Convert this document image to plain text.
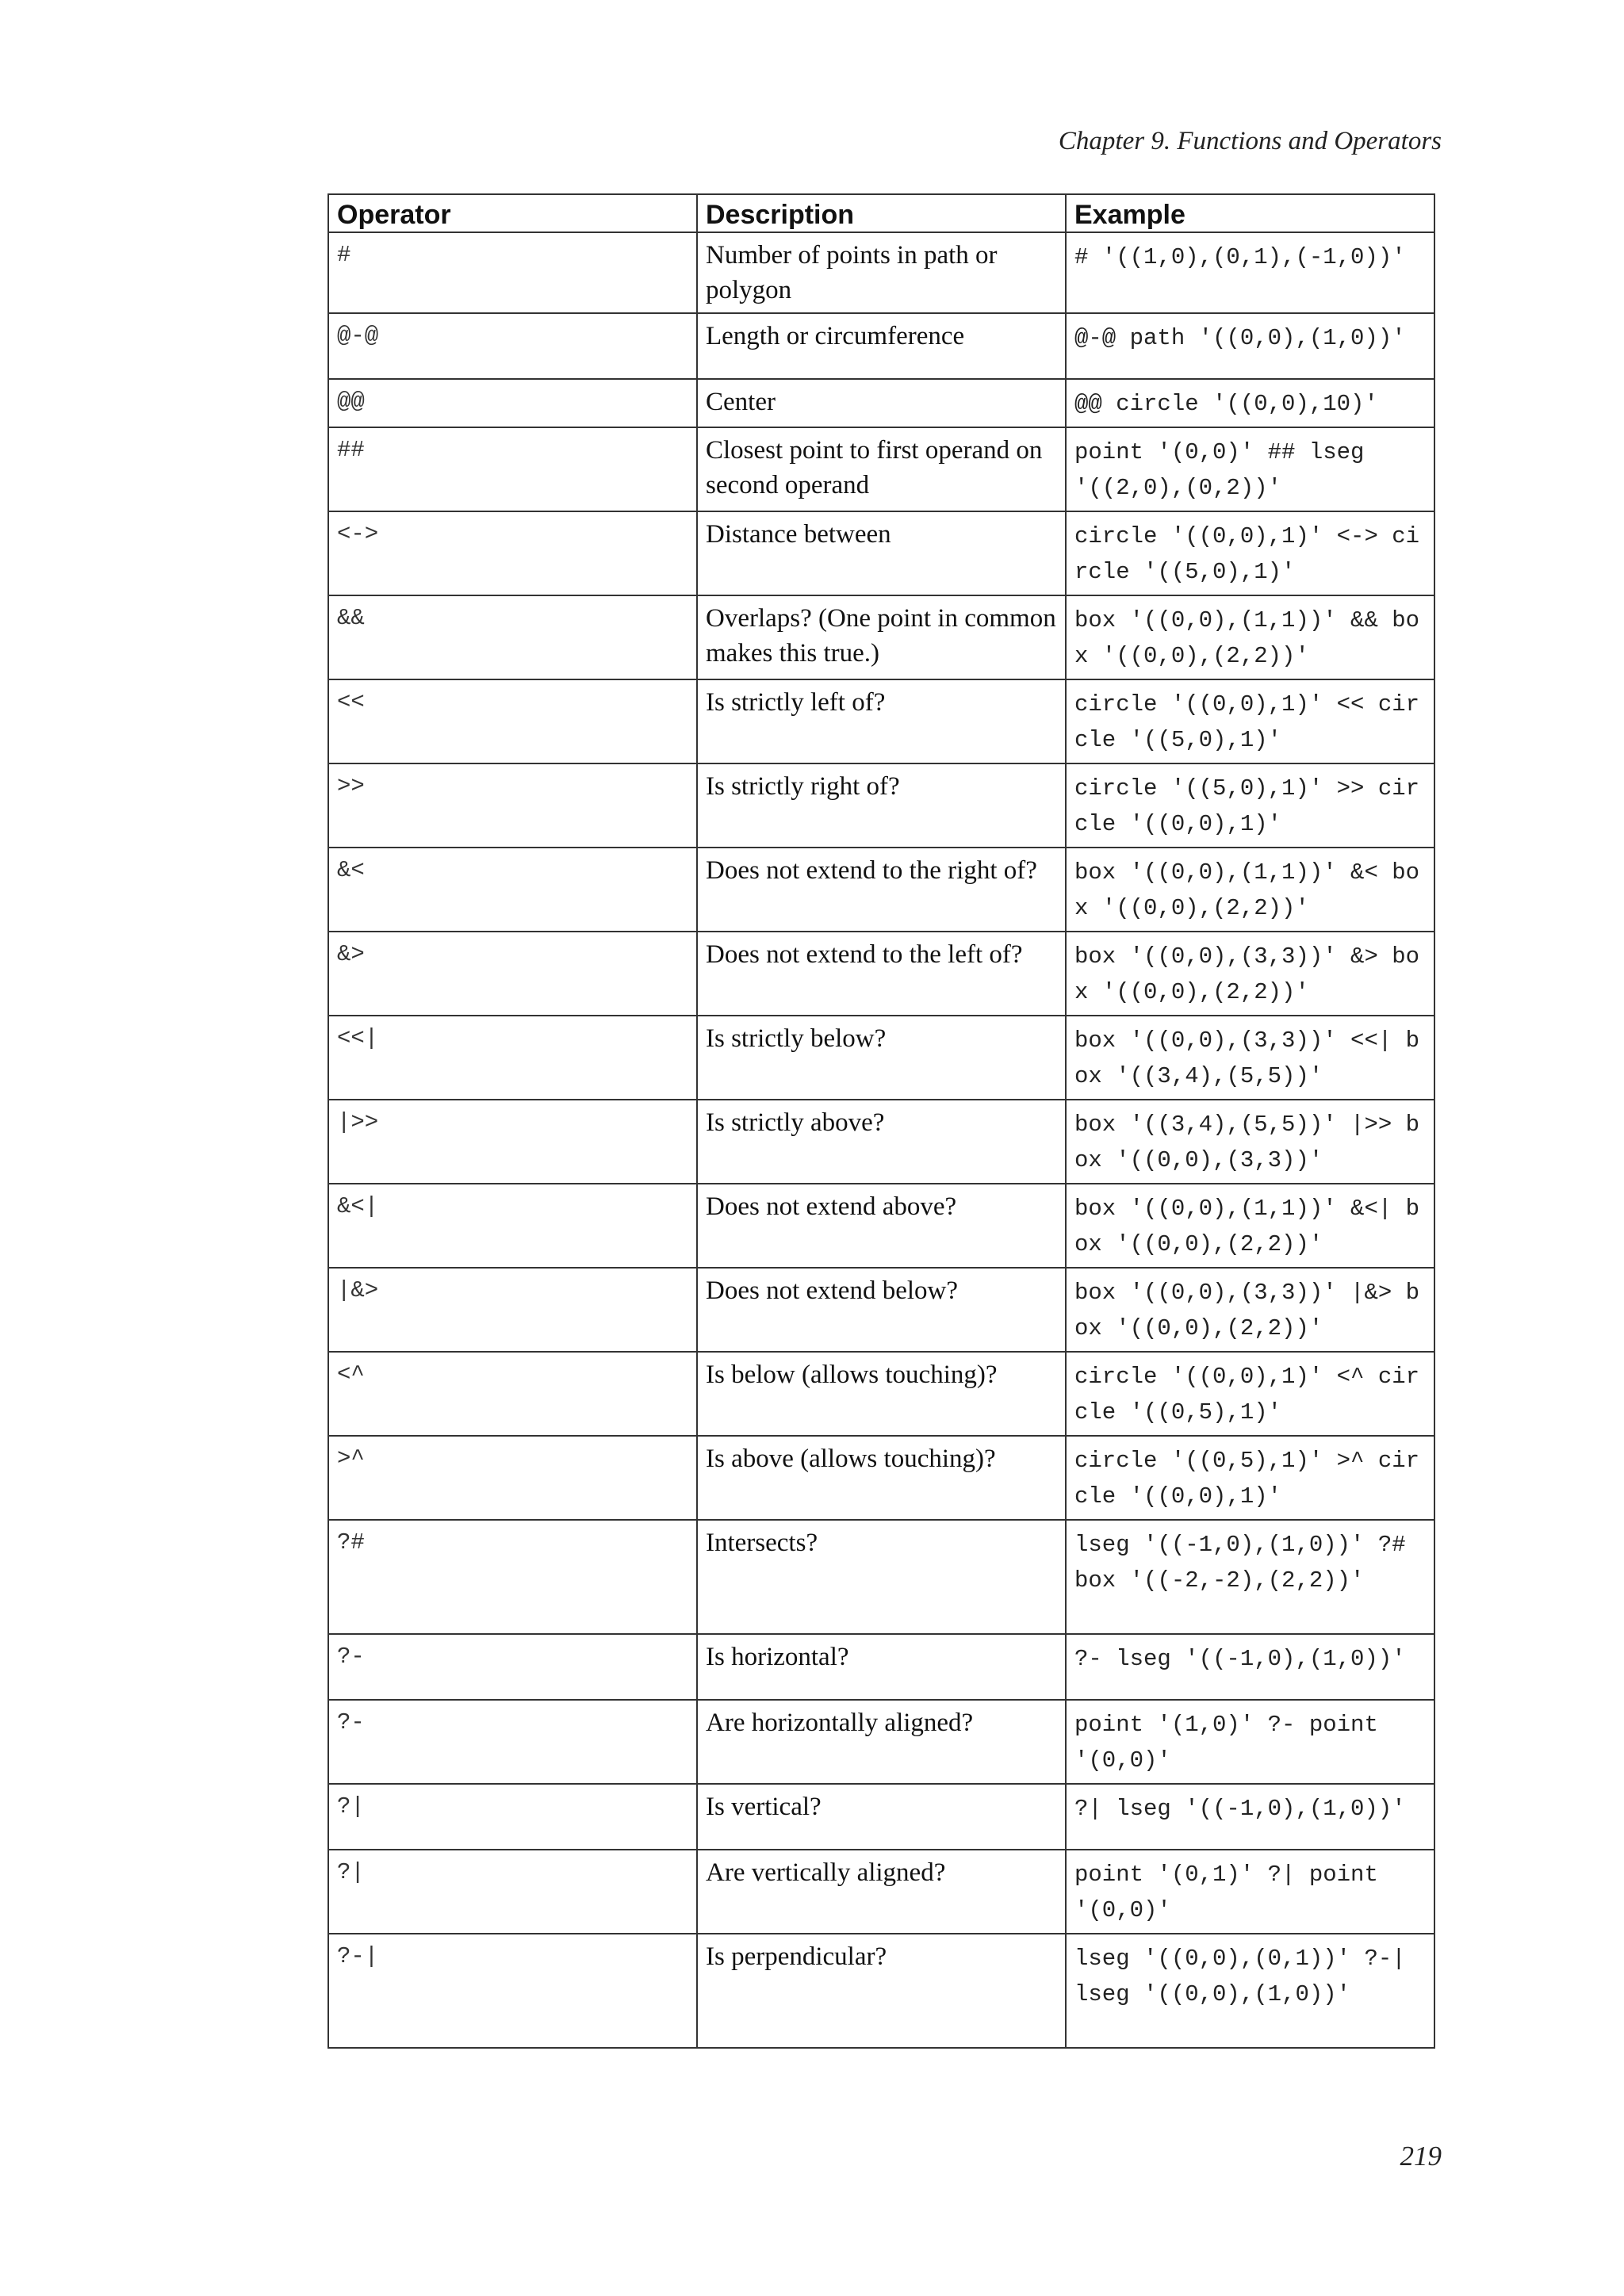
Chapter 9. Functions and Operators
Operator	Description	Example
#	Number of points in path or polygon	# '((1,0),(0,1),(-1,0))'
@-@	Length or circumference	@-@ path '((0,0),(1,0))'
@@	Center	@@ circle '((0,0),10)'
##	Closest point to first operand on second operand	point '(0,0)' ## lseg '((2,0),(0,2))'
<->	Distance between	circle '((0,0),1)' <-> circle '((5,0),1)'
&&	Overlaps? (One point in common makes this true.)	box '((0,0),(1,1))' && box '((0,0),(2,2))'
<<	Is strictly left of?	circle '((0,0),1)' << circle '((5,0),1)'
>>	Is strictly right of?	circle '((5,0),1)' >> circle '((0,0),1)'
&<	Does not extend to the right of?	box '((0,0),(1,1))' &< box '((0,0),(2,2))'
&>	Does not extend to the left of?	box '((0,0),(3,3))' &> box '((0,0),(2,2))'
<<|	Is strictly below?	box '((0,0),(3,3))' <<| box '((3,4),(5,5))'
|>>	Is strictly above?	box '((3,4),(5,5))' |>> box '((0,0),(3,3))'
&<|	Does not extend above?	box '((0,0),(1,1))' &<| box '((0,0),(2,2))'
|&>	Does not extend below?	box '((0,0),(3,3))' |&> box '((0,0),(2,2))'
<^	Is below (allows touching)?	circle '((0,0),1)' <^ circle '((0,5),1)'
>^	Is above (allows touching)?	circle '((0,5),1)' >^ circle '((0,0),1)'
?#	Intersects?	lseg '((-1,0),(1,0))' ?# box '((-2,-2),(2,2))'
?-	Is horizontal?	?- lseg '((-1,0),(1,0))'
?-	Are horizontally aligned?	point '(1,0)' ?- point '(0,0)'
?|	Is vertical?	?| lseg '((-1,0),(1,0))'
?|	Are vertically aligned?	point '(0,1)' ?| point '(0,0)'
?-|	Is perpendicular?	lseg '((0,0),(0,1))' ?-| lseg '((0,0),(1,0))'
219
